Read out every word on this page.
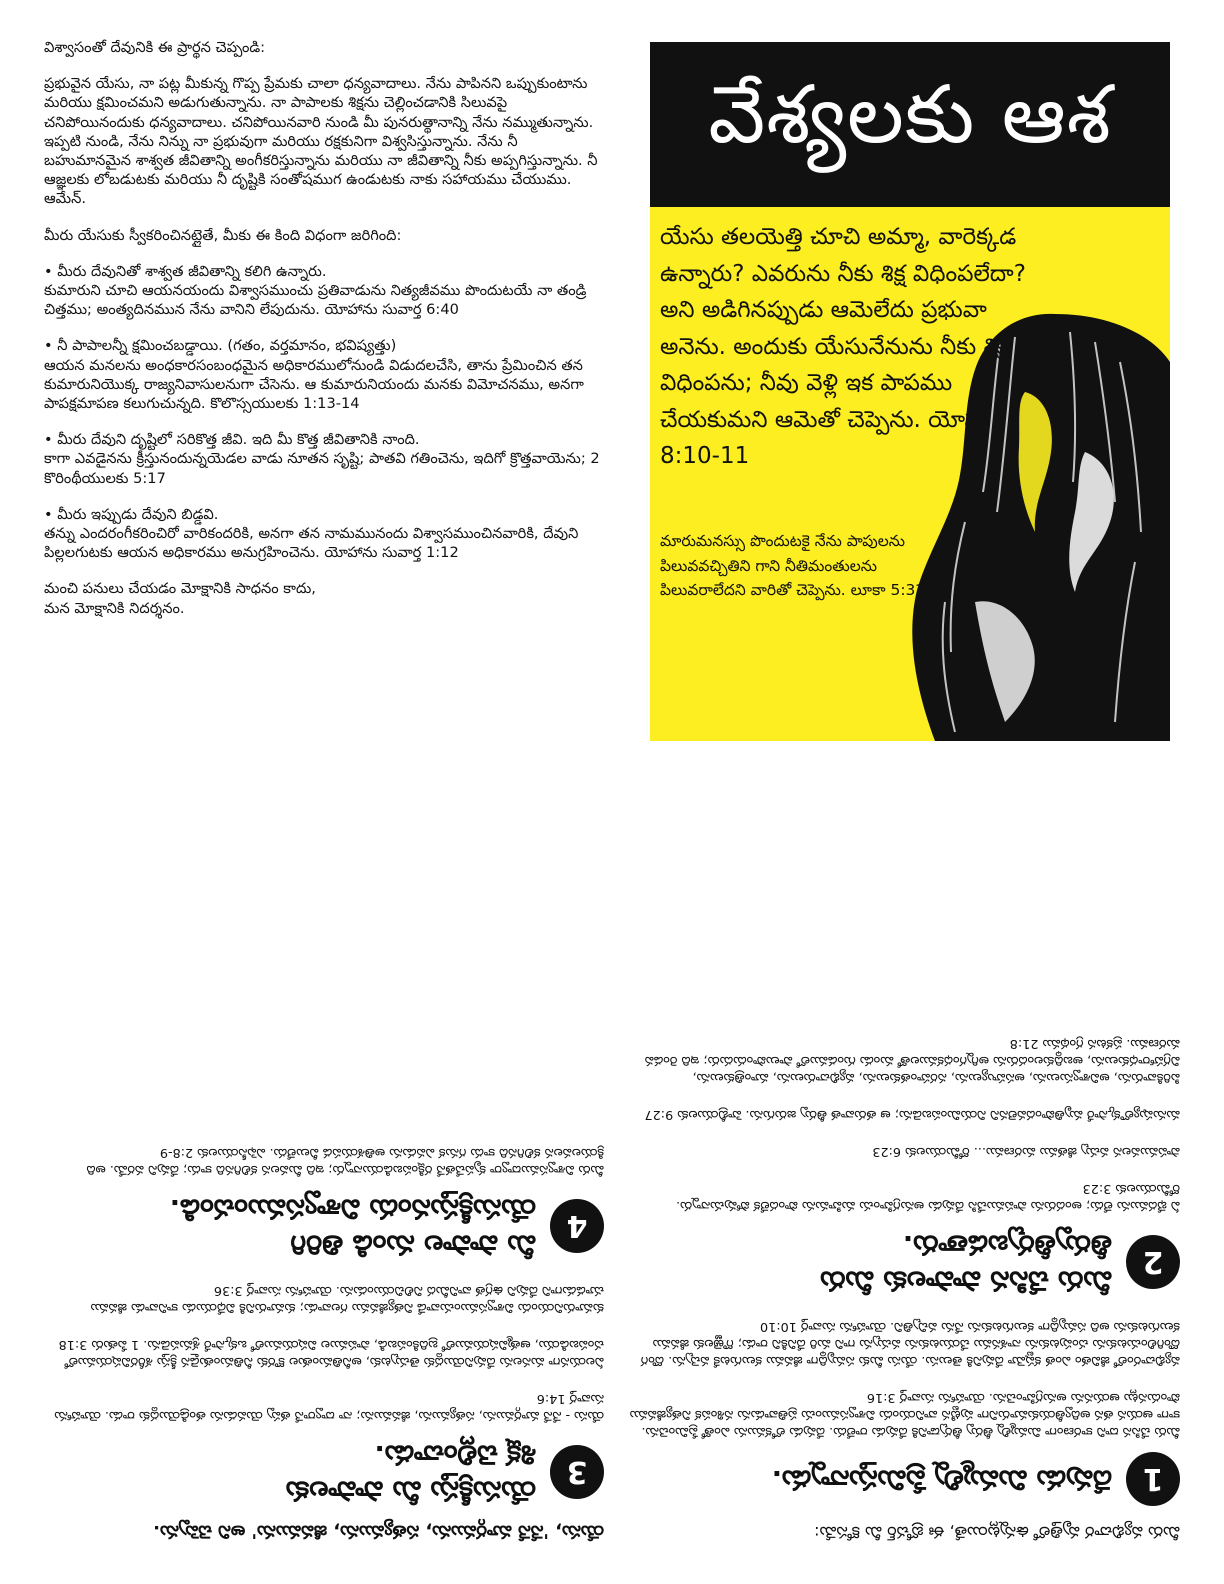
విశ్వాసంతో దేవునికి ఈ ప్రార్థన చెప్పండి:

ప్రభువైన యేసు, నా పట్ల మీకున్న గొప్ప ప్రేమకు చాలా ధన్యవాదాలు. నేను పాపినని ఒప్పుకుంటాను మరియు క్షమించమని అడుగుతున్నాను. నా పాపాలకు శిక్షను చెల్లించడానికి సిలువపై చనిపోయినందుకు ధన్యవాదాలు. చనిపోయినవారి నుండి మీ పునరుత్థానాన్ని నేను నమ్ముతున్నాను. ఇప్పటి నుండి, నేను నిన్ను నా ప్రభువుగా మరియు రక్షకునిగా విశ్వసిస్తున్నాను. నేను నీ బహుమానమైన శాశ్వత జీవితాన్ని అంగీకరిస్తున్నాను మరియు నా జీవితాన్ని నీకు అప్పగిస్తున్నాను. నీ ఆజ్ఞలకు లోబడుటకు మరియు నీ దృష్టికి సంతోషముగ ఉండుటకు నాకు సహాయము చేయుము. ఆమేన్.

మీరు యేసుకు స్వీకరించినట్లైతే, మీకు ఈ కింది విధంగా జరిగింది:

• మీరు దేవునితో శాశ్వత జీవితాన్ని కలిగి ఉన్నారు.
కుమారుని చూచి ఆయనయందు విశ్వాసముంచు ప్రతివాడును నిత్యజీవము పొందుటయే నా తండ్రి చిత్తము; అంత్యదినమున నేను వానిని లేపుదును. యోహాను సువార్త 6:40

• నీ పాపాలన్నీ క్షమించబడ్డాయి. (గతం, వర్తమానం, భవిష్యత్తు)
ఆయన మనలను అంధకారసంబంధమైన అధికారములోనుండి విడుదలచేసి, తాను ప్రేమించిన తన కుమారునియొక్క రాజ్యనివాసులనుగా చేసెను. ఆ కుమారునియందు మనకు విమోచనము, అనగా పాపక్షమాపణ కలుగుచున్నది. కొలొస్సయులకు 1:13-14

• మీరు దేవుని దృష్టిలో సరికొత్త జీవి. ఇది మీ కొత్త జీవితానికి నాంది.
కాగా ఎవడైనను క్రీస్తునందున్నయెడల వాడు నూతన సృష్టి; పాతవి గతించెను, ఇదిగో క్రొత్తవాయెను; 2 కొరింథీయులకు 5:17

• మీరు ఇప్పుడు దేవుని బిడ్డవి.
తన్ను ఎందరంగీకరించిరో వారికందరికి, అనగా తన నామమునందు విశ్వాసముంచినవారికి, దేవుని పిల్లలగుటకు ఆయన అధికారము అనుగ్రహించెను. యోహాను సువార్త 1:12

మంచి పనులు చేయడం మోక్షానికి సాధనం కాదు,
మన మోక్షానికి నిదర్శనం.

వేశ్యలకు ఆశ
యేసు తలయెత్తి చూచి అమ్మా, వారెక్కడ ఉన్నారు? ఎవరును నీకు శిక్ష విధింపలేదా? అని అడిగినప్పుడు ఆమెలేదు ప్రభువా అనెను. అందుకు యేసునేనును నీకు శిక్ష విధింపను; నీవు వెళ్లి ఇక పాపము చేయకుమని ఆమెతో చెప్పెను. యోహా 8:10-11
మారుమనస్సు పొందుటకై నేను పాపులను పిలువవచ్చితిని గాని నీతిమంతులను పిలువరాలేదని వారితో చెప్పెను. లూకా 5:32
మీరు వ్యభిచార వృత్తిలో ఉన్నట్లయితే, ఈ బ్రోచర్ మీ కోసమే:
1
దేవుడు మిమ్మల్ని ప్రేమిస్తున్నాడు.
మీరు చేసిన దాని కారణంగా మిమ్మల్ని తీర్పు తీర్చడానికి దేవుడు రాలేదు. దేవుడు లోకమును ఎంతో ప్రేమించెను. కాగా ఆయన తన అద్వితీయకుమారునిగా పుట్టిన వానియందు విశ్వాసముంచు ప్రతివాడును నశింపక నిత్యజీవము పొందునట్లు ఆయనను అనుగ్రహించెను. యోహాను సువార్త 3:16
వ్యభిచారంలో జీవితం ఎంత కష్టమో దేవునికి తెలుసు. యేసు మీకు సమృద్ధిగా జీవము కలుగుటకే వచ్చెను. దొంగ దొంగిలించుటకును చంపుటకును నాశనము చేయుటకును వచ్చును గాని మరి దేనికిని రాడు; గొఱ్ఱెలకు జీవము కలుగుటకును అది సమృద్ధిగా కలుగుటకును నేను వచ్చితిని. యోహాను సువార్త 10:10
2
మీరు చేసిన పాపాలకు మీరు తీర్పుతీర్చబడతారు.
ఏ భేదమును లేదు; అందరును పాపముచేసి దేవుడు అనుగ్రహించు మహిమను పొందలేక పోవుచున్నారు. రోమీయులకు 3:23
పాపమువలన వచ్చు జీతము మరణము... రోమీయులకు 6:23
మనుష్యులొక్కసారే మృతిపొందవలెనని నియమింపబడెను; ఆ తరువాత తీర్పు జరుగును. హెబ్రీయులకు 9:27
పిరికివారును, అవిశ్వాసులును, అసహ్యులును, నరహంతకులును, వ్యభిచారులును, మాంత్రికులును, విగ్రహారాధకులును, అబద్ధికులందరును అగ్నిగంధకములతో మండు గుండములో పాలుపొందుదురు; ఇది రెండవ మరణము. ప్రకటన గ్రంథము 21:8
యేసు, 'నేనే మార్గమును, సత్యమును, జీవమును' అని చెప్పెను.
3
యేసుక్రీస్తు మీ పాపాలకు
శిక్ష చెల్లించాడు.
యేసు - నేనే మార్గమును, సత్యమును, జీవమును; నా ద్వారానే తప్ప యెవడును తండ్రియొద్దకు రాడు. యోహాను సువార్త 14:6
ఏలయనగా మనలను దేవునియొద్దకు తెచ్చుటకు, అనీతిమంతుల కొరకు నీతిమంతుడైన క్రీస్తు శరీరవిషయములో చంపబడియు, ఆత్మవిషయములో బ్రదికింపబడి, పాపముల విషయములో ఒక్కసారే శ్రమపడెను. 1 పేతురు 3:18
కుమారునియందు విశ్వాసముంచువాడే నిత్యజీవము గలవాడు; కుమారునికి విధేయుడు కానివాడు జీవము చూడడుగాని దేవుని ఉగ్రత వానిమీద నిలిచియుండును. యోహాను సువార్త 3:36
4
మీ పాపాల నుండి తిరిగి
యేసుక్రీస్తునందు విశ్వాసముంచండి.
మీరు విశ్వాసముద్వారా కృపచేతనే రక్షింపబడియున్నారు; ఇది మీవలన కలిగినది కాదు; దేవుని వరమే. అది క్రియలవలన కలిగినది కాదు గనుక ఎవడును అతిశయపడ వీలులేదు. ఎఫెసీయులకు 2:8-9
